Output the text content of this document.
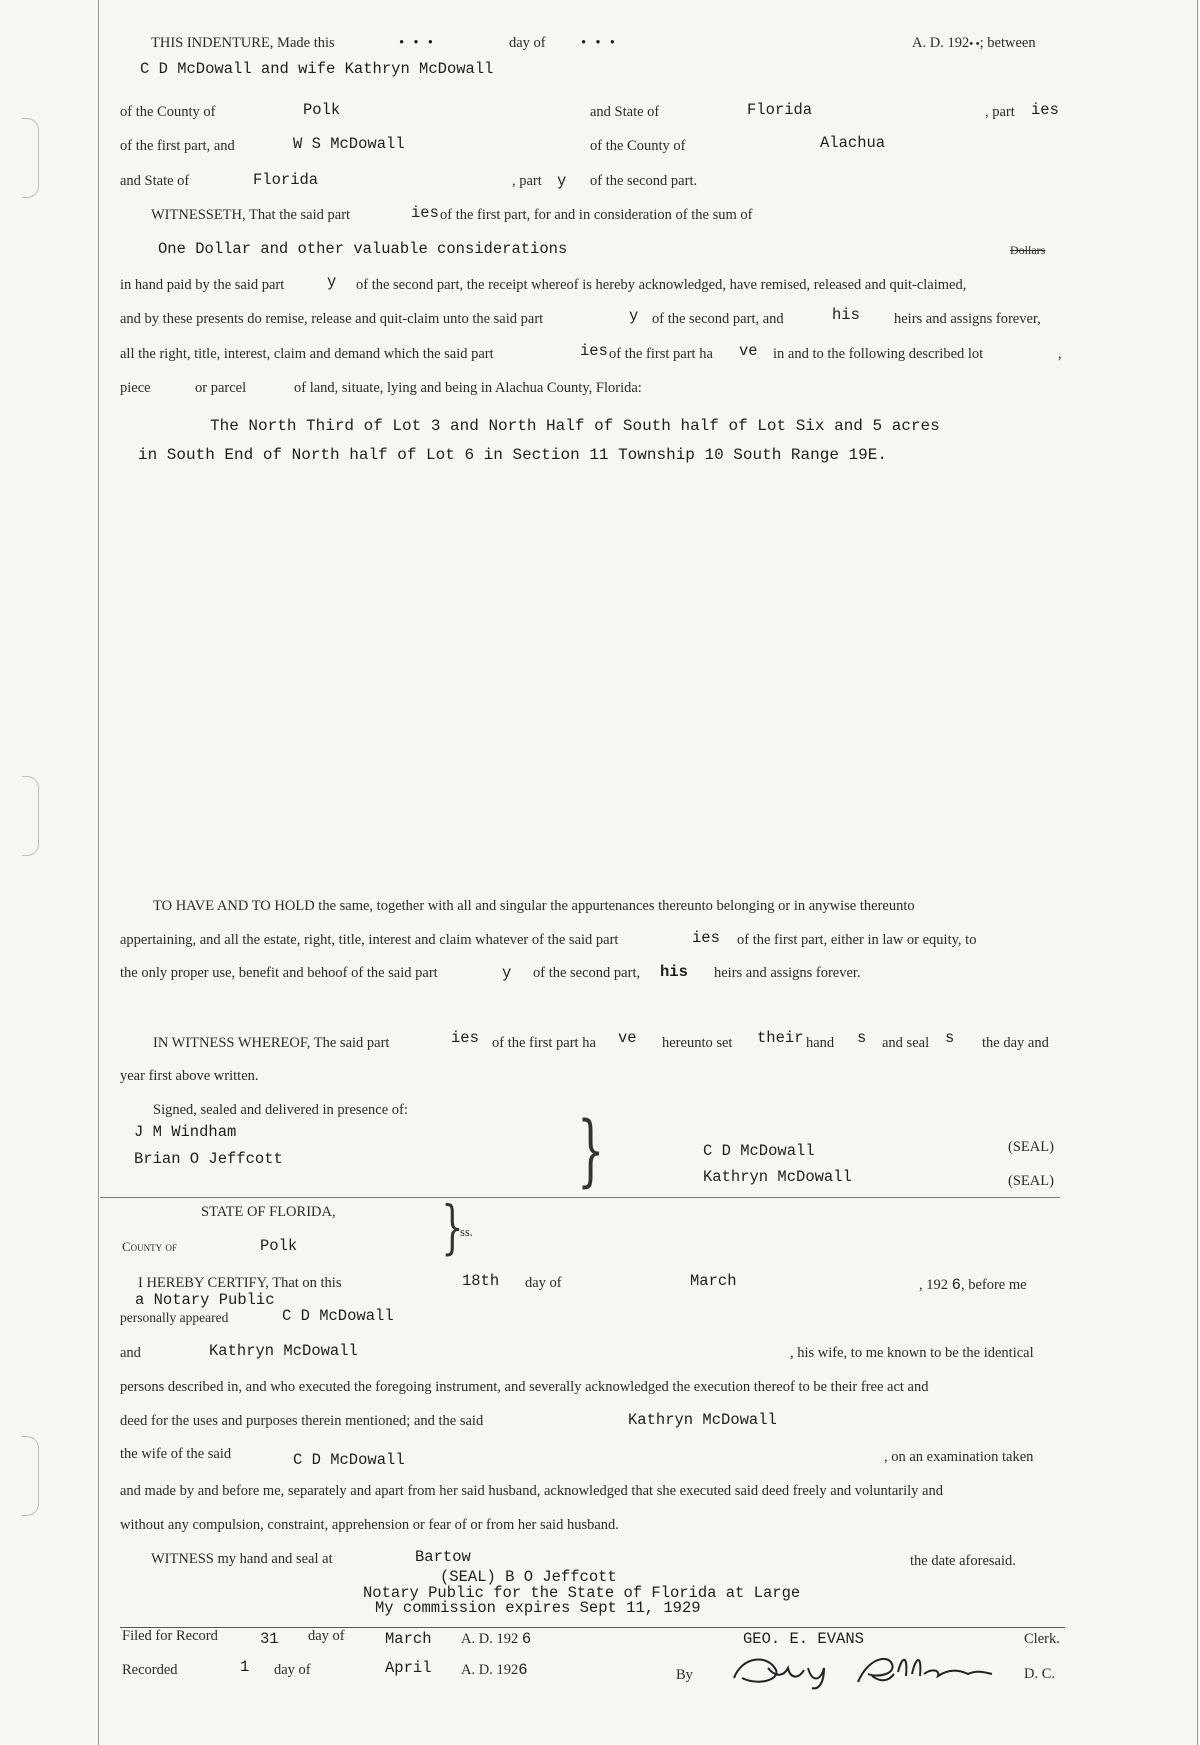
THIS INDENTURE, Made this	• • •	day of	• • •	A. D. 192• •; between
C D McDowall and wife Kathryn McDowall
of the County of	Polk	and State of	Florida	, part ies
of the first part, and	W S McDowall	of the County of	Alachua
and State of	Florida	, part y of the second part.
WITNESSETH, That the said part	ies of the first part, for and in consideration of the sum of
One Dollar and other valuable considerations	Dollars
in hand paid by the said part	y of the second part, the receipt whereof is hereby acknowledged, have remised, released and quit-claimed,
and by these presents do remise, release and quit-claim unto the said part	y of the second part, and	his heirs and assigns forever,
all the right, title, interest, claim and demand which the said part	ies of the first part ha ve in and to the following described lot	,
piece	or parcel	of land, situate, lying and being in Alachua County, Florida:
The North Third of Lot 3 and North Half of South half of Lot Six and 5 acres
in South End of North half of Lot 6 in Section 11 Township 10 South Range 19E.
TO HAVE AND TO HOLD the same, together with all and singular the appurtenances thereunto belonging or in anywise thereunto
appertaining, and all the estate, right, title, interest and claim whatever of the said part	ies of the first part, either in law or equity, to
the only proper use, benefit and behoof of the said part	y of the second part, his heirs and assigns forever.
IN WITNESS WHEREOF, The said part	ies of the first part ha ve hereunto set their hand s and seal s the day and
year first above written.
Signed, sealed and delivered in presence of:
J M Windham
Brian O Jeffcott	}	C D McDowall	(SEAL)
Kathryn McDowall	(SEAL)
STATE OF FLORIDA,
County of	Polk }
ss.
I HEREBY CERTIFY, That on this	18th day of	March	, 192 6, before me
a Notary Public
personally appeared	C D McDowall
and	Kathryn McDowall	, his wife, to me known to be the identical
persons described in, and who executed the foregoing instrument, and severally acknowledged the execution thereof to be their free act and
deed for the uses and purposes therein mentioned; and the said	Kathryn McDowall
the wife of the said	C D McDowall	, on an examination taken
and made by and before me, separately and apart from her said husband, acknowledged that she executed said deed freely and voluntarily and
without any compulsion, constraint, apprehension or fear of or from her said husband.
WITNESS my hand and seal at	Bartow	the date aforesaid.
(SEAL) B O Jeffcott
Notary Public for the State of Florida at Large
My commission expires Sept 11, 1929
Filed for Record	31 day of	March A. D. 192 6	GEO. E. EVANS	Clerk.
Recorded	1 day of	April A. D. 1926	By	D. C.
